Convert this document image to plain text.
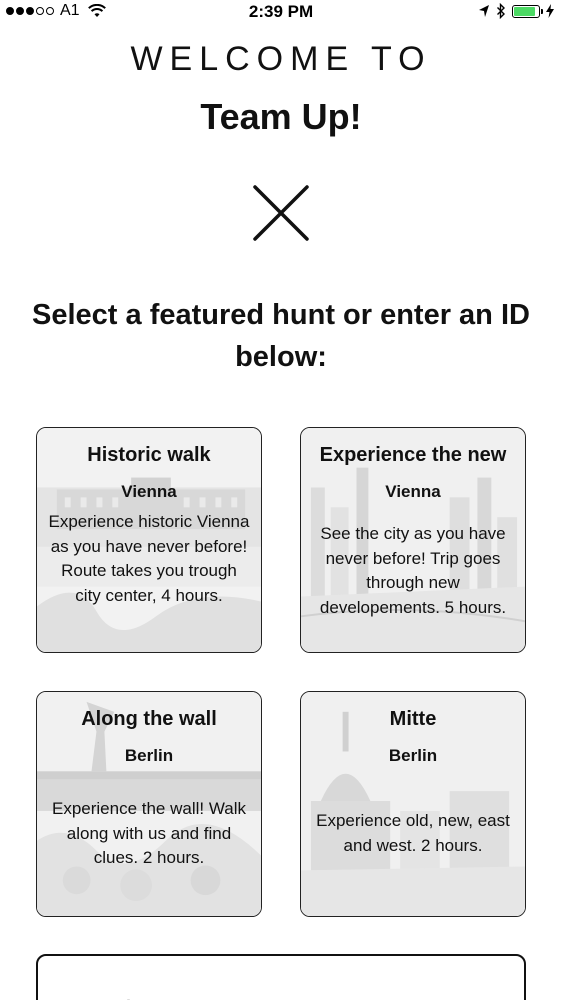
A1	2:39 PM
WELCOME TO
Team Up!
Select a featured hunt or enter an ID below:
Historic walk
Vienna
Experience historic Vienna as you have never before! Route takes you trough city center, 4 hours.
Experience the new
Vienna
See the city as you have never before! Trip goes through new developements. 5 hours.
Along the wall
Berlin
Experience the wall! Walk along with us and find clues. 2 hours.
Mitte
Berlin
Experience old, new, east and west. 2 hours.
Enter ID here
